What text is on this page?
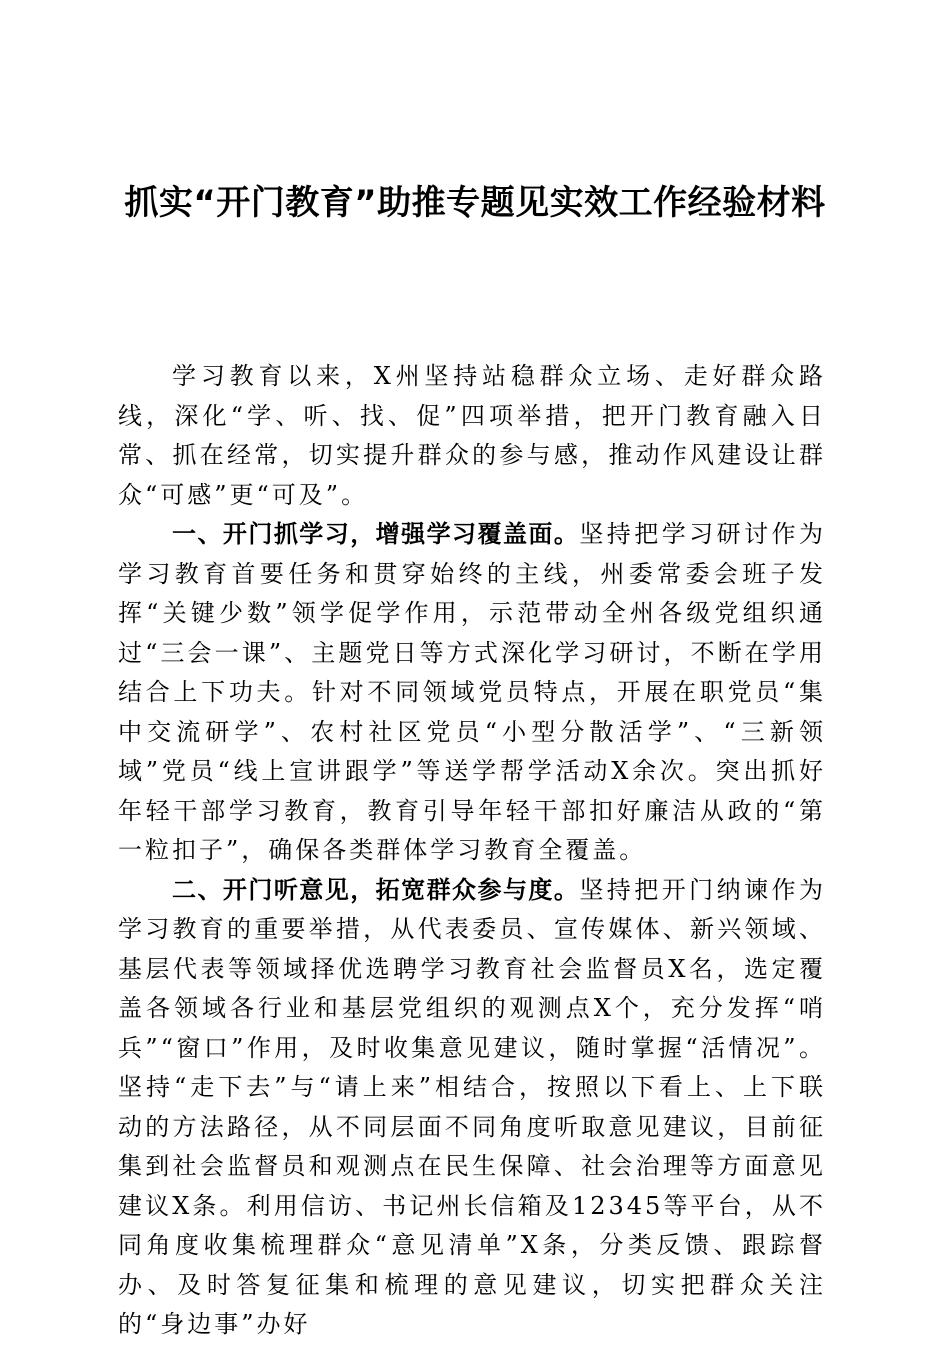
抓实“开门教育”助推专题见实效工作经验材料

学习教育以来，X州坚持站稳群众立场、走好群众路线，深化“学、听、找、促”四项举措，把开门教育融入日常、抓在经常，切实提升群众的参与感，推动作风建设让群众“可感”更“可及”。

一、开门抓学习，增强学习覆盖面。坚持把学习研讨作为学习教育首要任务和贯穿始终的主线，州委常委会班子发挥“关键少数”领学促学作用，示范带动全州各级党组织通过“三会一课”、主题党日等方式深化学习研讨，不断在学用结合上下功夫。针对不同领域党员特点，开展在职党员“集中交流研学”、农村社区党员“小型分散活学”、“三新领域”党员“线上宣讲跟学”等送学帮学活动X余次。突出抓好年轻干部学习教育，教育引导年轻干部扣好廉洁从政的“第一粒扣子”，确保各类群体学习教育全覆盖。

二、开门听意见，拓宽群众参与度。坚持把开门纳谏作为学习教育的重要举措，从代表委员、宣传媒体、新兴领域、基层代表等领域择优选聘学习教育社会监督员X名，选定覆盖各领域各行业和基层党组织的观测点X个，充分发挥“哨兵”“窗口”作用，及时收集意见建议，随时掌握“活情况”。坚持“走下去”与“请上来”相结合，按照以下看上、上下联动的方法路径，从不同层面不同角度听取意见建议，目前征集到社会监督员和观测点在民生保障、社会治理等方面意见建议X条。利用信访、书记州长信箱及12345等平台，从不同角度收集梳理群众“意见清单”X条，分类反馈、跟踪督办、及时答复征集和梳理的意见建议，切实把群众关注的“身边事”办好
